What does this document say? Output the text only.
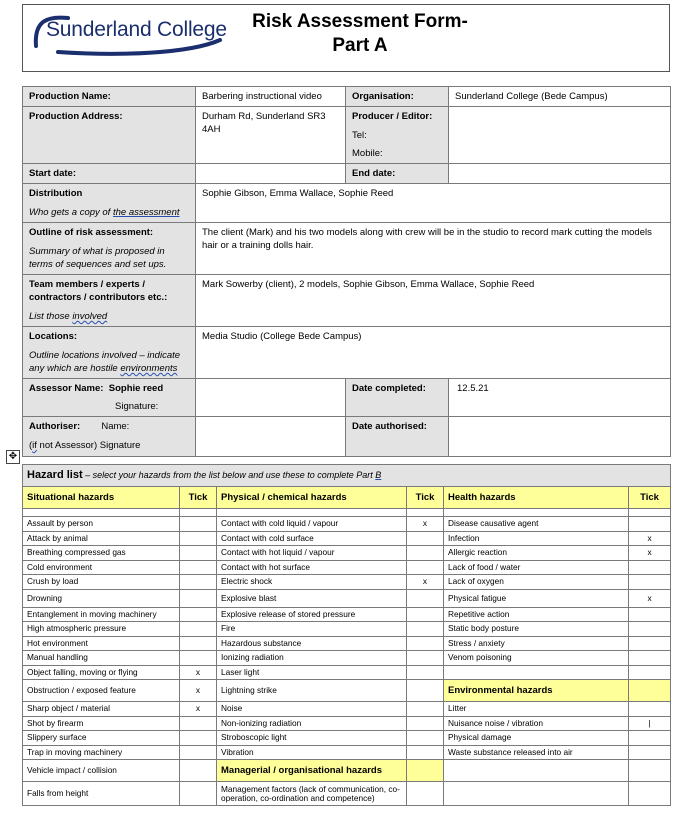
Sunderland College	Risk Assessment Form-
Part A
Production Name:	Barbering instructional video	Organisation:	Sunderland College (Bede Campus)
Production Address:	Durham Rd, Sunderland SR3 4AH	Producer / Editor:
Tel:
Mobile:	

Start date:		End date:	
Distribution
Who gets a copy of the assessment	Sophie Gibson, Emma Wallace, Sophie Reed		
Outline of risk assessment:
Summary of what is proposed in terms of sequences and set ups.	The client (Mark) and his two models along with crew will be in the studio to record mark cutting the models hair or a training dolls hair.		
Team members / experts / contractors / contributors etc.:
List those involved	Mark Sowerby (client), 2 models, Sophie Gibson, Emma Wallace, Sophie Reed		
Locations:
Outline locations involved – indicate any which are hostile environments	Media Studio (College Bede Campus)		

Assessor Name: Sophie reed
Signature:		Date completed:	12.5.21

Authoriser: Name:
(if not Assessor) Signature		Date authorised:	
✥
Hazard list – select your hazards from the list below and use these to complete Part B					
Situational hazards	Tick	Physical / chemical hazards	Tick	Health hazards	Tick

Assault by person		Contact with cold liquid / vapour	x	Disease causative agent	
Attack by animal		Contact with cold surface		Infection	x
Breathing compressed gas		Contact with hot liquid / vapour		Allergic reaction	x
Cold environment		Contact with hot surface		Lack of food / water	
Crush by load		Electric shock	x	Lack of oxygen	
Drowning		Explosive blast		Physical fatigue	x
Entanglement in moving machinery		Explosive release of stored pressure		Repetitive action	
High atmospheric pressure		Fire		Static body posture	
Hot environment		Hazardous substance		Stress / anxiety	
Manual handling		Ionizing radiation		Venom poisoning	
Object falling, moving or flying	x	Laser light			
Obstruction / exposed feature	x	Lightning strike		Environmental hazards	
Sharp object / material	x	Noise		Litter	
Shot by firearm		Non-ionizing radiation		Nuisance noise / vibration	|
Slippery surface		Stroboscopic light		Physical damage	
Trap in moving machinery		Vibration		Waste substance released into air	
Vehicle impact / collision		Managerial / organisational hazards			
Falls from height		Management factors (lack of communication, co-operation, co-ordination and competence)			
